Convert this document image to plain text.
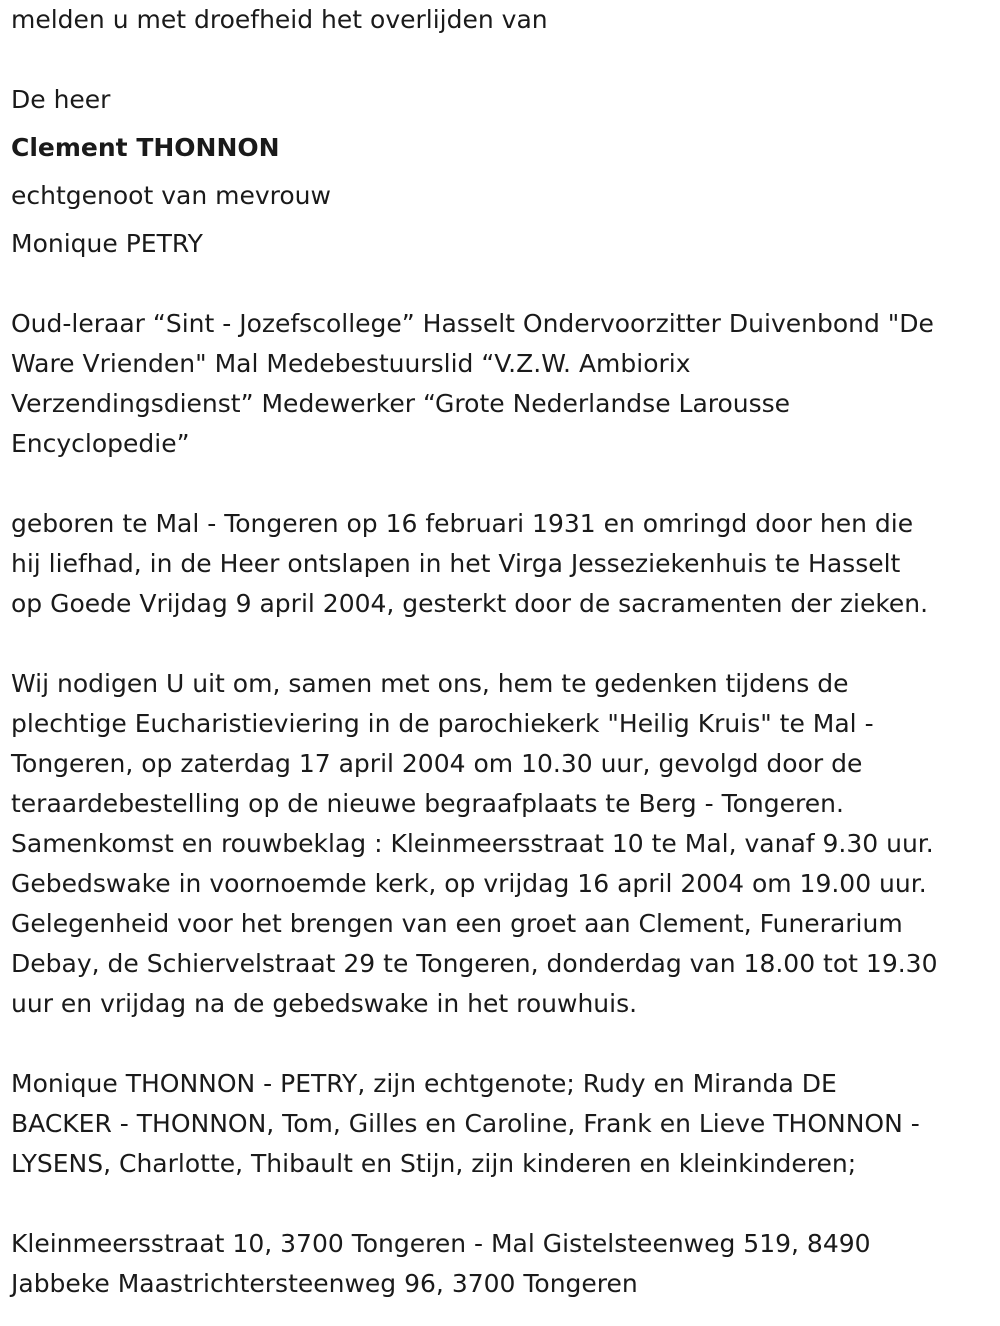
melden u met droefheid het overlijden van
De heer
Clement THONNON
echtgenoot van mevrouw
Monique PETRY
Oud-leraar “Sint - Jozefscollege” Hasselt Ondervoorzitter Duivenbond "De
Ware Vrienden" Mal Medebestuurslid “V.Z.W. Ambiorix
Verzendingsdienst” Medewerker “Grote Nederlandse Larousse
Encyclopedie”
geboren te Mal - Tongeren op 16 februari 1931 en omringd door hen die
hij liefhad, in de Heer ontslapen in het Virga Jesseziekenhuis te Hasselt
op Goede Vrijdag 9 april 2004, gesterkt door de sacramenten der zieken.
Wij nodigen U uit om, samen met ons, hem te gedenken tijdens de
plechtige Eucharistieviering in de parochiekerk "Heilig Kruis" te Mal -
Tongeren, op zaterdag 17 april 2004 om 10.30 uur, gevolgd door de
teraardebestelling op de nieuwe begraafplaats te Berg - Tongeren.
Samenkomst en rouwbeklag : Kleinmeersstraat 10 te Mal, vanaf 9.30 uur.
Gebedswake in voornoemde kerk, op vrijdag 16 april 2004 om 19.00 uur.
Gelegenheid voor het brengen van een groet aan Clement, Funerarium
Debay, de Schiervelstraat 29 te Tongeren, donderdag van 18.00 tot 19.30
uur en vrijdag na de gebedswake in het rouwhuis.
Monique THONNON - PETRY, zijn echtgenote; Rudy en Miranda DE
BACKER - THONNON, Tom, Gilles en Caroline, Frank en Lieve THONNON -
LYSENS, Charlotte, Thibault en Stijn, zijn kinderen en kleinkinderen;
Kleinmeersstraat 10, 3700 Tongeren - Mal Gistelsteenweg 519, 8490
Jabbeke Maastrichtersteenweg 96, 3700 Tongeren
